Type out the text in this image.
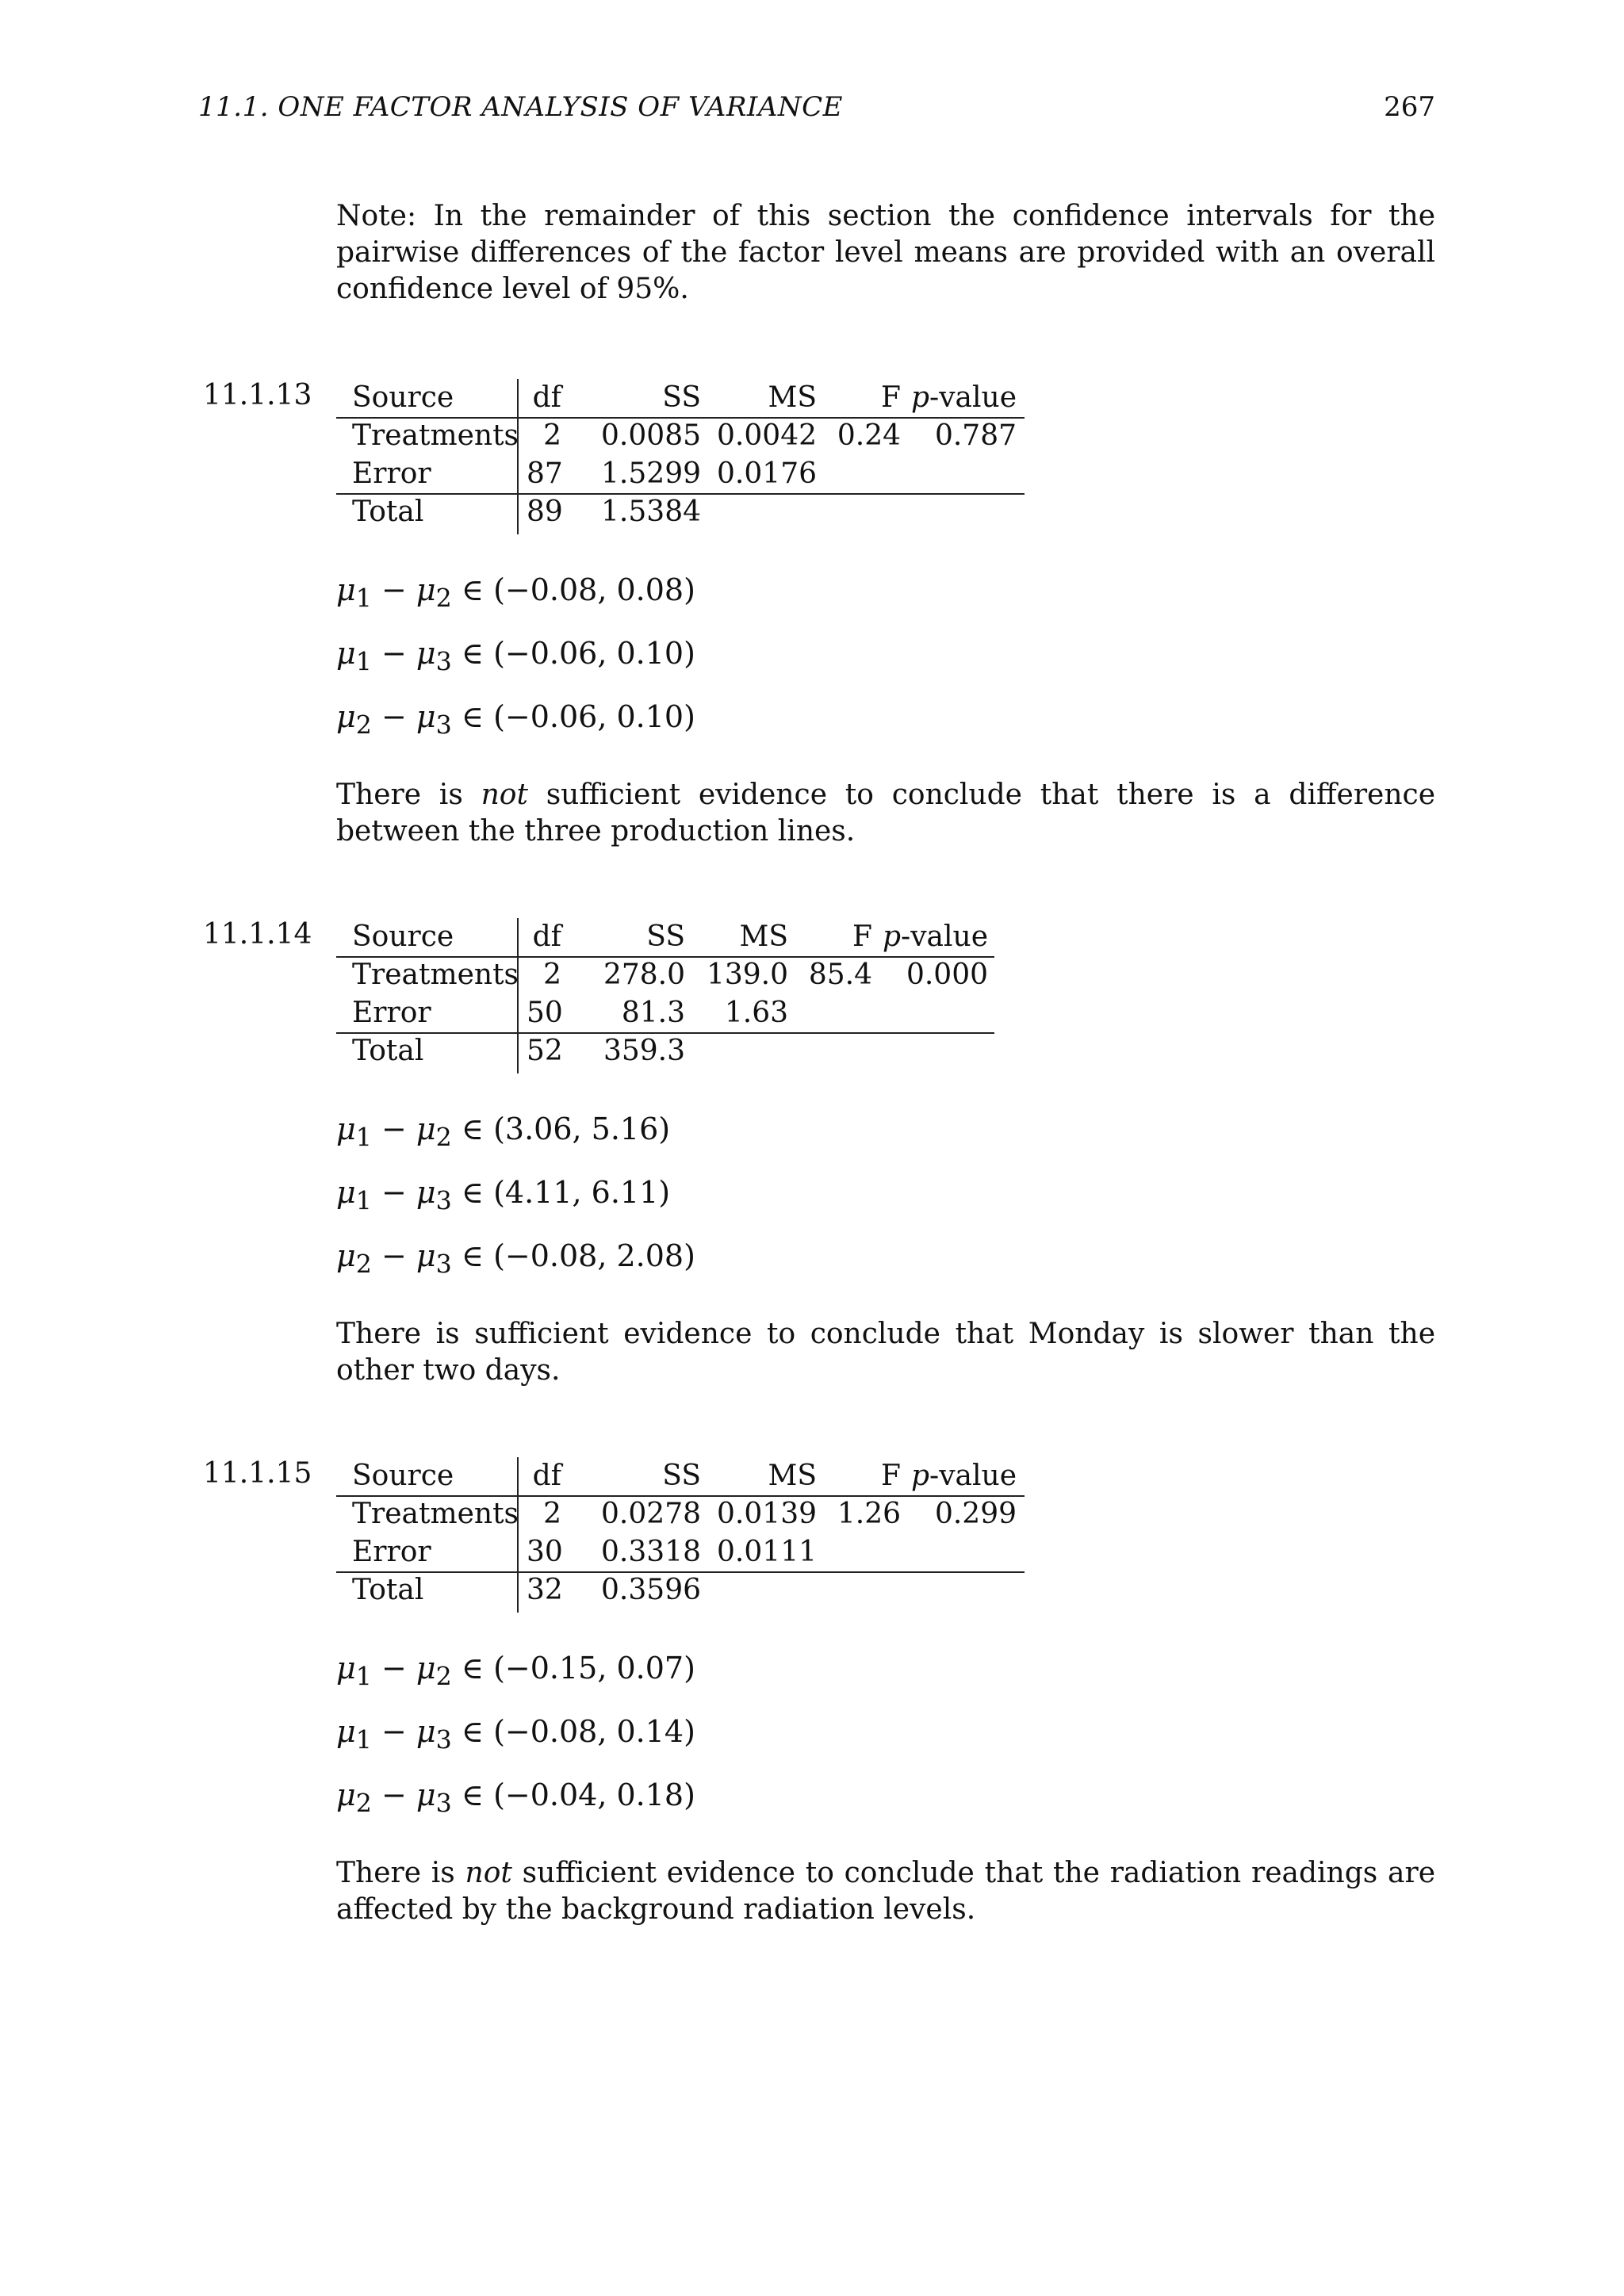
11.1. ONE FACTOR ANALYSIS OF VARIANCE	267
Note: In the remainder of this section the confidence intervals for the pairwise differences of the factor level means are provided with an overall confidence level of 95%.
11.1.13 Source	df	SS	MS	F p-value
Treatments 2	0.0085 0.0042 0.24	0.787
Error	87	1.5299 0.0176
Total	89	1.5384
$\mu_1 - \mu_2$ ∈ (−0.08, 0.08)
$\mu_1 - \mu_3$ ∈ (−0.06, 0.10)
$\mu_2 - \mu_3$ ∈ (−0.06, 0.10)
There is not sufficient evidence to conclude that there is a difference between the three production lines.
11.1.14 Source	df	SS	MS	F p-value
Treatments 2	278.0 139.0 85.4	0.000
Error	50	81.3	1.63
Total	52	359.3
$\mu_1 - \mu_2$ ∈ (3.06, 5.16)
$\mu_1 - \mu_3$ ∈ (4.11, 6.11)
$\mu_2 - \mu_3$ ∈ (−0.08, 2.08)
There is sufficient evidence to conclude that Monday is slower than the other two days.
11.1.15 Source	df	SS	MS	F p-value
Treatments 2	0.0278 0.0139 1.26	0.299
Error	30	0.3318 0.0111
Total	32	0.3596
$\mu_1 - \mu_2$ ∈ (−0.15, 0.07)
$\mu_1 - \mu_3$ ∈ (−0.08, 0.14)
$\mu_2 - \mu_3$ ∈ (−0.04, 0.18)
There is not sufficient evidence to conclude that the radiation readings are affected by the background radiation levels.
